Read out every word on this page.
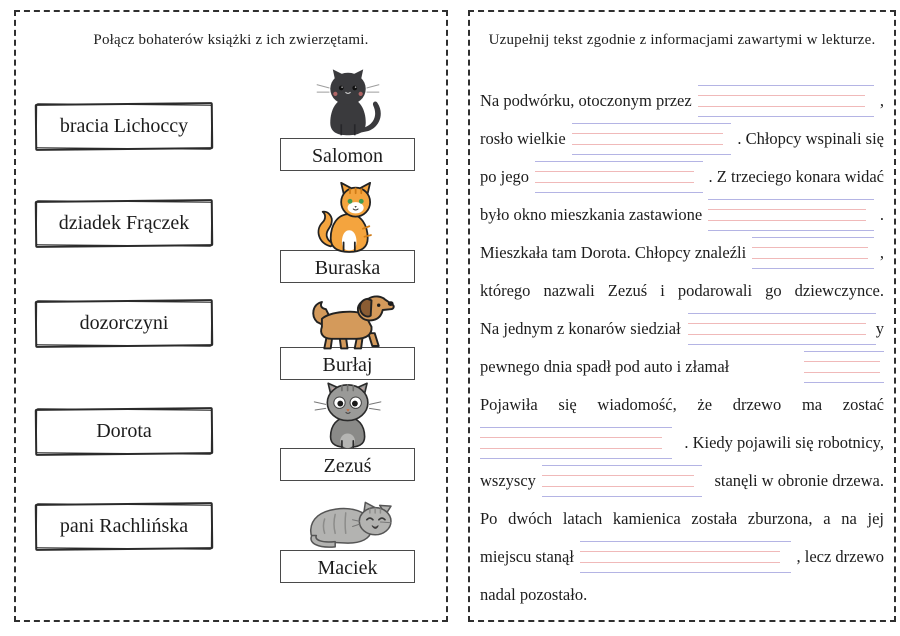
Połącz bohaterów książki z ich zwierzętami.
bracia Lichoccy
dziadek Frączek
dozorczyni
Dorota
pani Rachlińska
Salomon
Buraska
Burłaj
Zezuś
Maciek
Uzupełnij tekst zgodnie z informacjami zawartymi w lekturze.
Na podwórku, otoczonym przez	,
rosło wielkie	. Chłopcy wspinali się
po jego	. Z trzeciego konara widać
było okno mieszkania zastawione	.
Mieszkała tam Dorota. Chłopcy znaleźli	,
którego nazwali Zezuś i podarowali go dziewczynce.
Na jednym z konarów siedział	y
pewnego dnia spadł pod auto i złamał
Pojawiła się wiadomość, że drzewo ma zostać
. Kiedy pojawili się robotnicy,
wszyscy	stanęli w obronie drzewa.
Po dwóch latach kamienica została zburzona, a na jej
miejscu stanął	, lecz drzewo
nadal pozostało.
